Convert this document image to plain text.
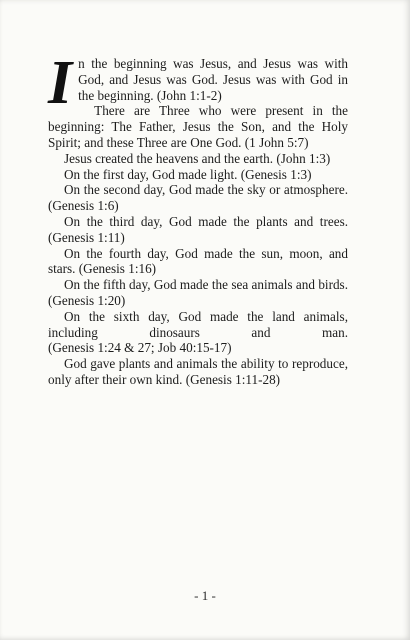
In the beginning was Jesus, and Jesus was with God, and Jesus was God. Jesus was with God in the beginning. (John 1:1-2)

There are Three who were present in the beginning: The Father, Jesus the Son, and the Holy Spirit; and these Three are One God. (1 John 5:7)

Jesus created the heavens and the earth. (John 1:3)

On the first day, God made light. (Genesis 1:3)

On the second day, God made the sky or atmosphere. (Genesis 1:6)

On the third day, God made the plants and trees. (Genesis 1:11)

On the fourth day, God made the sun, moon, and stars. (Genesis 1:16)

On the fifth day, God made the sea animals and birds. (Genesis 1:20)

On the sixth day, God made the land animals, including dinosaurs and man. (Genesis 1:24 & 27; Job 40:15-17)

God gave plants and animals the ability to reproduce, only after their own kind. (Genesis 1:11-28)

- 1 -
